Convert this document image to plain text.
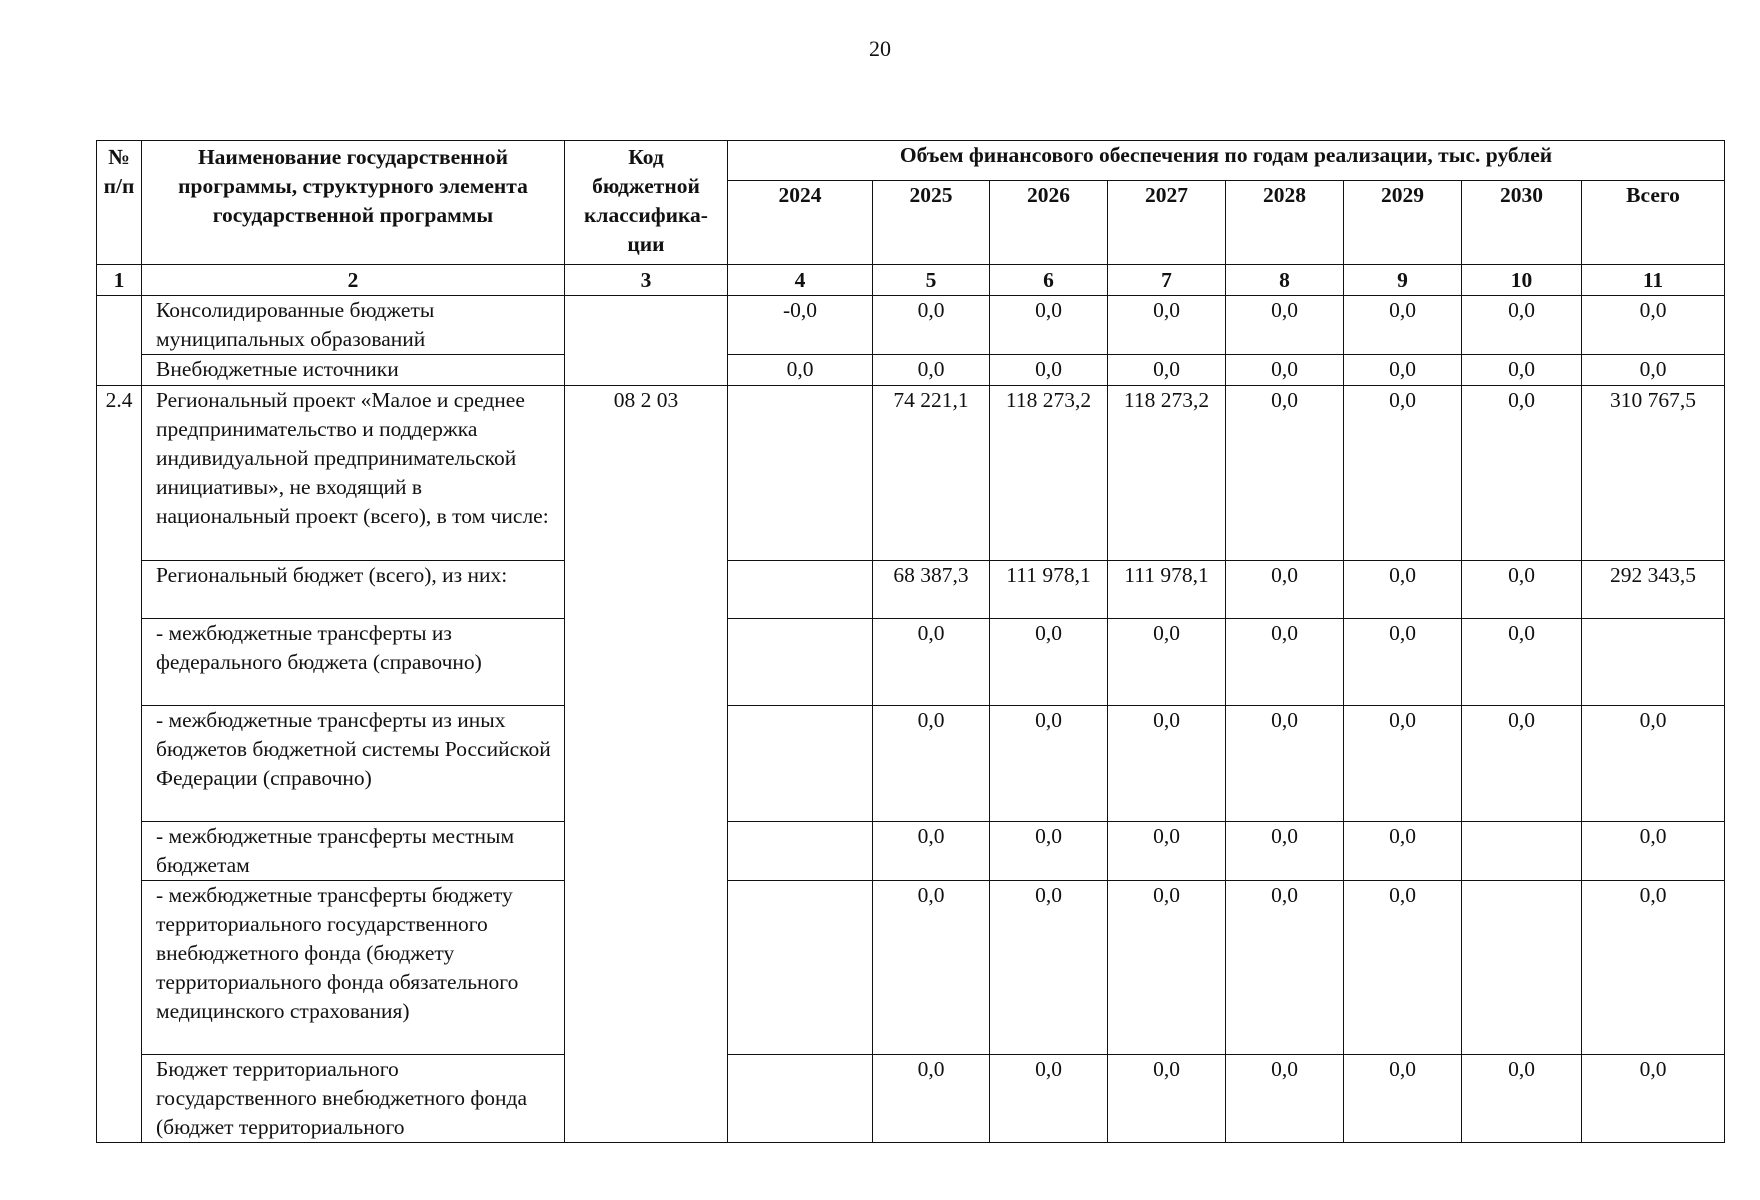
20
№ п/п	Наименование государственной программы, структурного элемента государственной программы	Код бюджетной классифика-ции	Объем финансового обеспечения по годам реализации, тыс. рублей							
			2024	2025	2026	2027	2028	2029	2030	Всего
1	2	3	4	5	6	7	8	9	10	11
	Консолидированные бюджеты муниципальных образований		-0,0	0,0	0,0	0,0	0,0	0,0	0,0	0,0
	Внебюджетные источники		0,0	0,0	0,0	0,0	0,0	0,0	0,0	0,0
2.4	Региональный проект «Малое и среднее предпринимательство и поддержка индивидуальной предпринимательской инициативы», не входящий в национальный проект (всего), в том числе:	08 2 03		74 221,1	118 273,2	118 273,2	0,0	0,0	0,0	310 767,5
	Региональный бюджет (всего), из них:			68 387,3	111 978,1	111 978,1	0,0	0,0	0,0	292 343,5
	- межбюджетные трансферты из федерального бюджета (справочно)			0,0	0,0	0,0	0,0	0,0	0,0	
	- межбюджетные трансферты из иных бюджетов бюджетной системы Российской Федерации (справочно)			0,0	0,0	0,0	0,0	0,0	0,0	0,0
	- межбюджетные трансферты местным бюджетам			0,0	0,0	0,0	0,0	0,0		0,0
	- межбюджетные трансферты бюджету территориального государственного внебюджетного фонда (бюджету территориального фонда обязательного медицинского страхования)			0,0	0,0	0,0	0,0	0,0		0,0
	Бюджет территориального государственного внебюджетного фонда (бюджет территориального			0,0	0,0	0,0	0,0	0,0	0,0	0,0
